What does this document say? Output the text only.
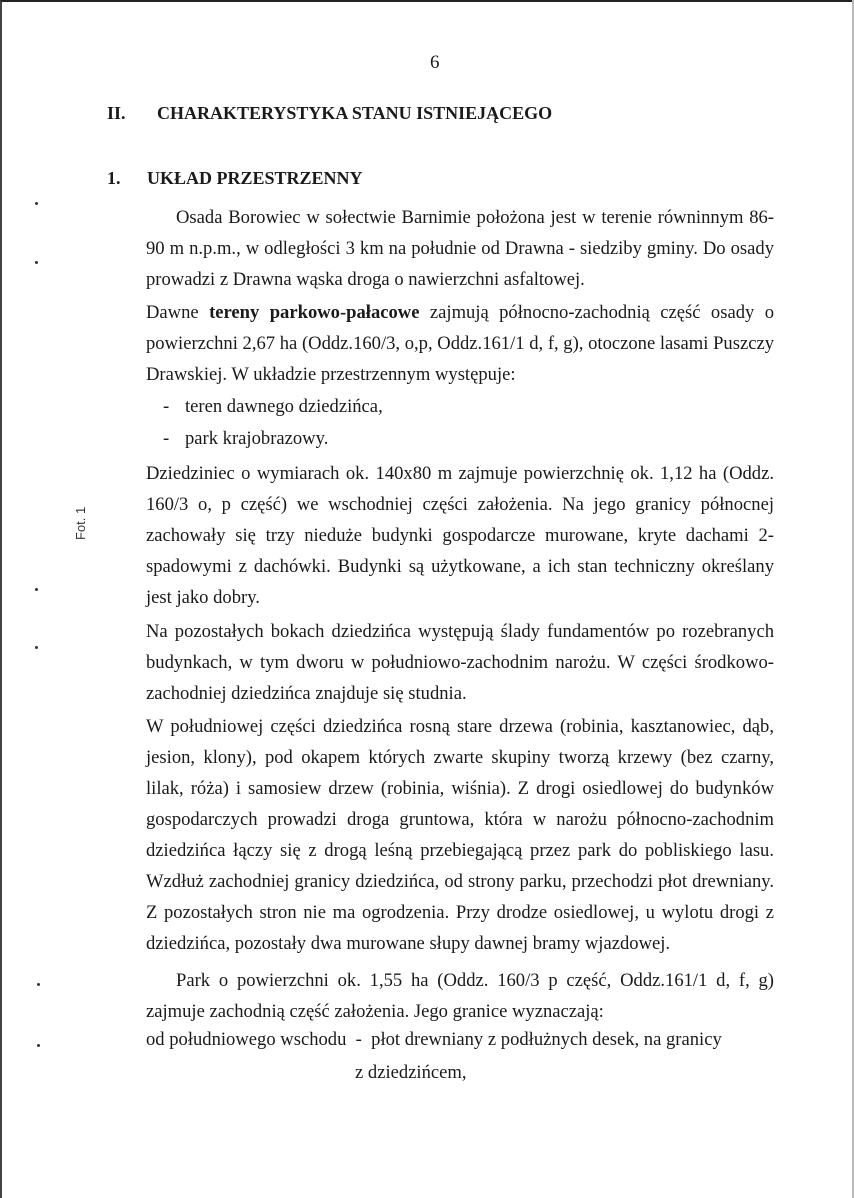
6
II. CHARAKTERYSTYKA STANU ISTNIEJĄCEGO
1. UKŁAD PRZESTRZENNY
Fot. 1

Osada Borowiec w sołectwie Barnimie położona jest w terenie równinnym 86-90 m n.p.m., w odległości 3 km na południe od Drawna - siedziby gminy. Do osady prowadzi z Drawna wąska droga o nawierzchni asfaltowej.

Dawne tereny parkowo-pałacowe zajmują północno-zachodnią część osady o powierzchni 2,67 ha (Oddz.160/3, o,p, Oddz.161/1 d, f, g), otoczone lasami Puszczy Drawskiej. W układzie przestrzennym występuje:

- teren dawnego dziedzińca,
- park krajobrazowy.

Dziedziniec o wymiarach ok. 140x80 m zajmuje powierzchnię ok. 1,12 ha (Oddz. 160/3 o, p część) we wschodniej części założenia. Na jego granicy północnej zachowały się trzy nieduże budynki gospodarcze murowane, kryte dachami 2-spadowymi z dachówki. Budynki są użytkowane, a ich stan techniczny określany jest jako dobry.

Na pozostałych bokach dziedzińca występują ślady fundamentów po rozebranych budynkach, w tym dworu w południowo-zachodnim narożu. W części środkowo-zachodniej dziedzińca znajduje się studnia.

W południowej części dziedzińca rosną stare drzewa (robinia, kasztanowiec, dąb, jesion, klony), pod okapem których zwarte skupiny tworzą krzewy (bez czarny, lilak, róża) i samosiew drzew (robinia, wiśnia). Z drogi osiedlowej do budynków gospodarczych prowadzi droga gruntowa, która w narożu północno-zachodnim dziedzińca łączy się z drogą leśną przebiegającą przez park do pobliskiego lasu. Wzdłuż zachodniej granicy dziedzińca, od strony parku, przechodzi płot drewniany. Z pozostałych stron nie ma ogrodzenia. Przy drodze osiedlowej, u wylotu drogi z dziedzińca, pozostały dwa murowane słupy dawnej bramy wjazdowej.

Park o powierzchni ok. 1,55 ha (Oddz. 160/3 p część, Oddz.161/1 d, f, g) zajmuje zachodnią część założenia. Jego granice wyznaczają:

od południowego wschodu  -  płot drewniany z podłużnych desek, na granicy
z dziedzińcem,
